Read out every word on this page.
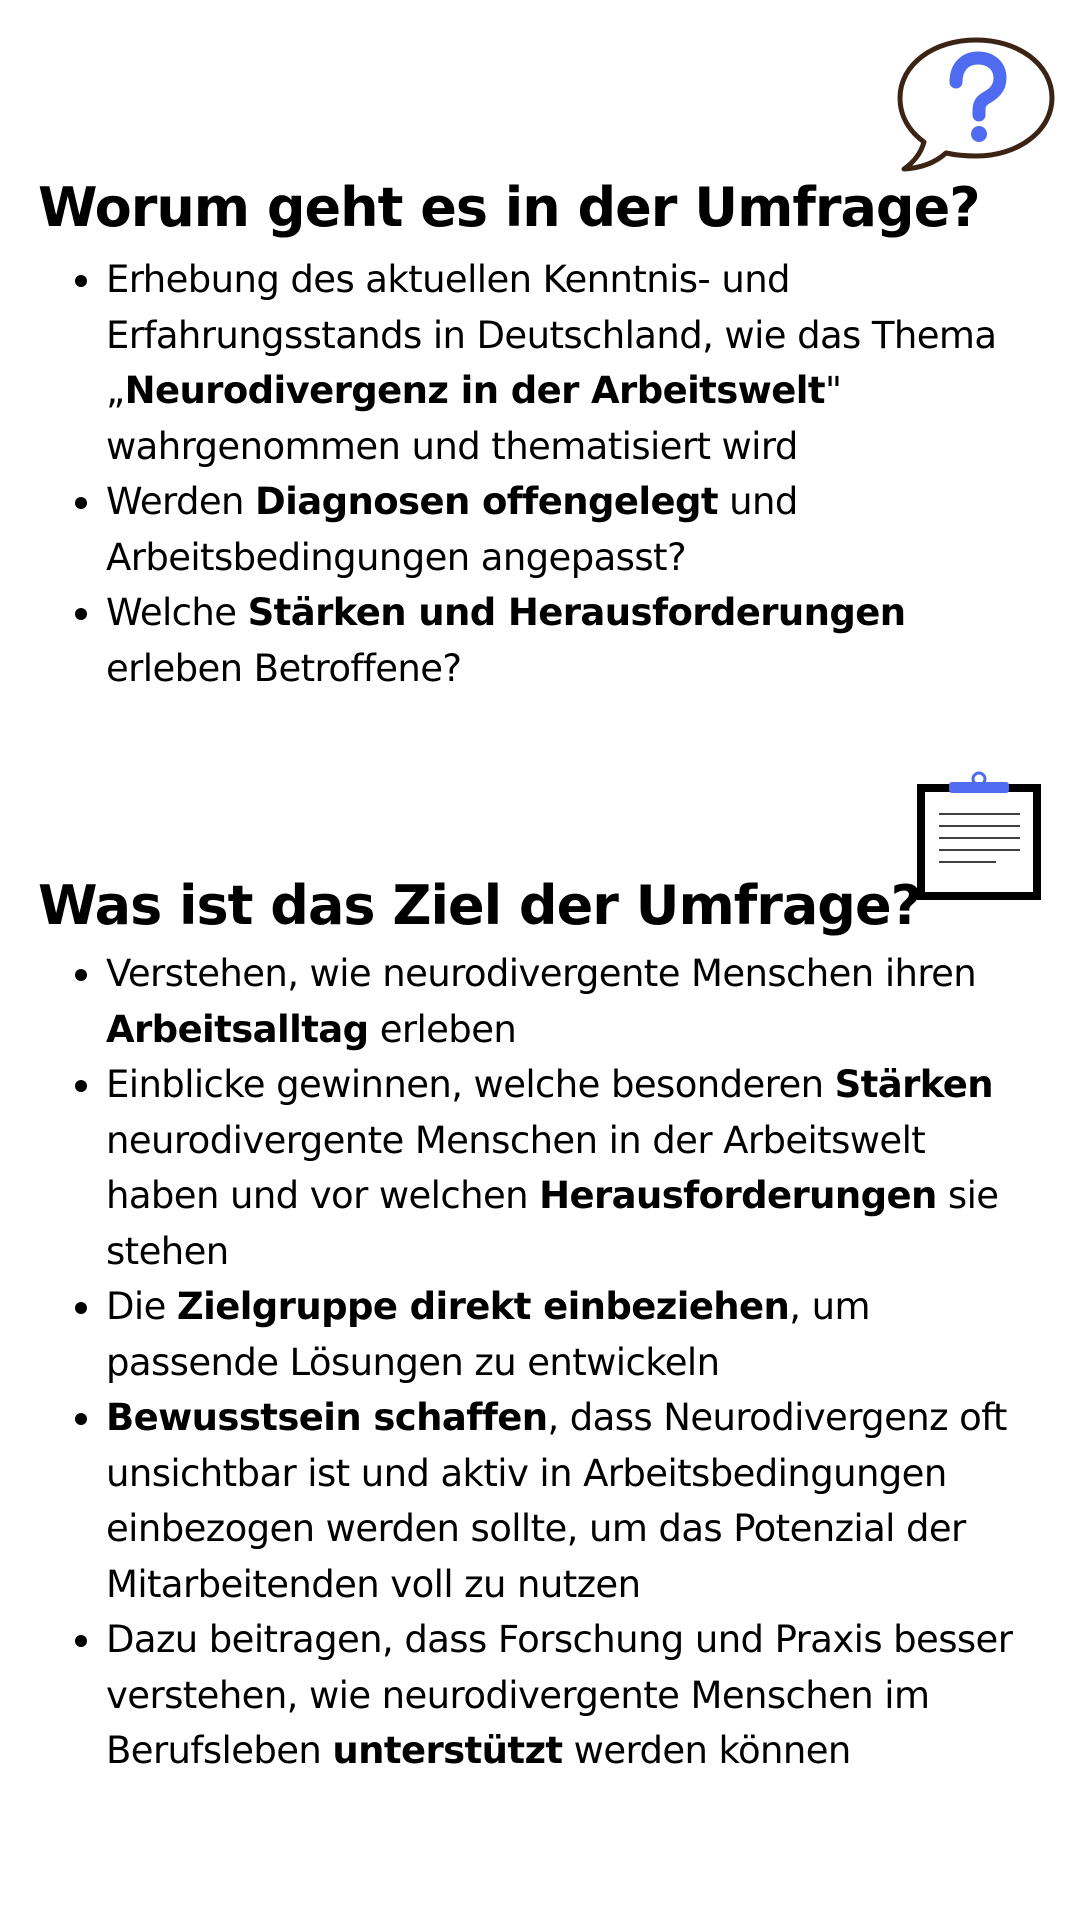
Worum geht es in der Umfrage?
Erhebung des aktuellen Kenntnis- und Erfahrungsstands in Deutschland, wie das Thema „Neurodivergenz in der Arbeitswelt" wahrgenommen und thematisiert wird
Werden Diagnosen offengelegt und Arbeitsbedingungen angepasst?
Welche Stärken und Herausforderungen erleben Betroffene?
Was ist das Ziel der Umfrage?
Verstehen, wie neurodivergente Menschen ihren Arbeitsalltag erleben
Einblicke gewinnen, welche besonderen Stärken neurodivergente Menschen in der Arbeitswelt haben und vor welchen Herausforderungen sie stehen
Die Zielgruppe direkt einbeziehen, um passende Lösungen zu entwickeln
Bewusstsein schaffen, dass Neurodivergenz oft unsichtbar ist und aktiv in Arbeitsbedingungen einbezogen werden sollte, um das Potenzial der Mitarbeitenden voll zu nutzen
Dazu beitragen, dass Forschung und Praxis besser verstehen, wie neurodivergente Menschen im Berufsleben unterstützt werden können
